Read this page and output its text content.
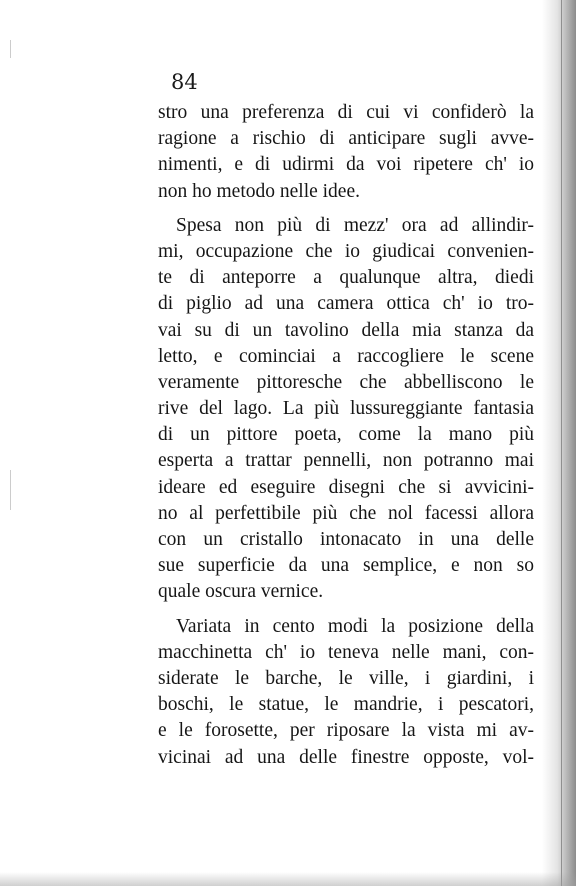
84
stro una preferenza di cui vi confiderò la
ragione a rischio di anticipare sugli avve-
nimenti, e di udirmi da voi ripetere ch' io
non ho metodo nelle idee.
Spesa non più di mezz' ora ad allindir-
mi, occupazione che io giudicai convenien-
te di anteporre a qualunque altra, diedi
di piglio ad una camera ottica ch' io tro-
vai su di un tavolino della mia stanza da
letto, e cominciai a raccogliere le scene
veramente pittoresche che abbelliscono le
rive del lago. La più lussureggiante fantasia
di un pittore poeta, come la mano più
esperta a trattar pennelli, non potranno mai
ideare ed eseguire disegni che si avvicini-
no al perfettibile più che nol facessi allora
con un cristallo intonacato in una delle
sue superficie da una semplice, e non so
quale oscura vernice.
Variata in cento modi la posizione della
macchinetta ch' io teneva nelle mani, con-
siderate le barche, le ville, i giardini, i
boschi, le statue, le mandrie, i pescatori,
e le forosette, per riposare la vista mi av-
vicinai ad una delle finestre opposte, vol-
